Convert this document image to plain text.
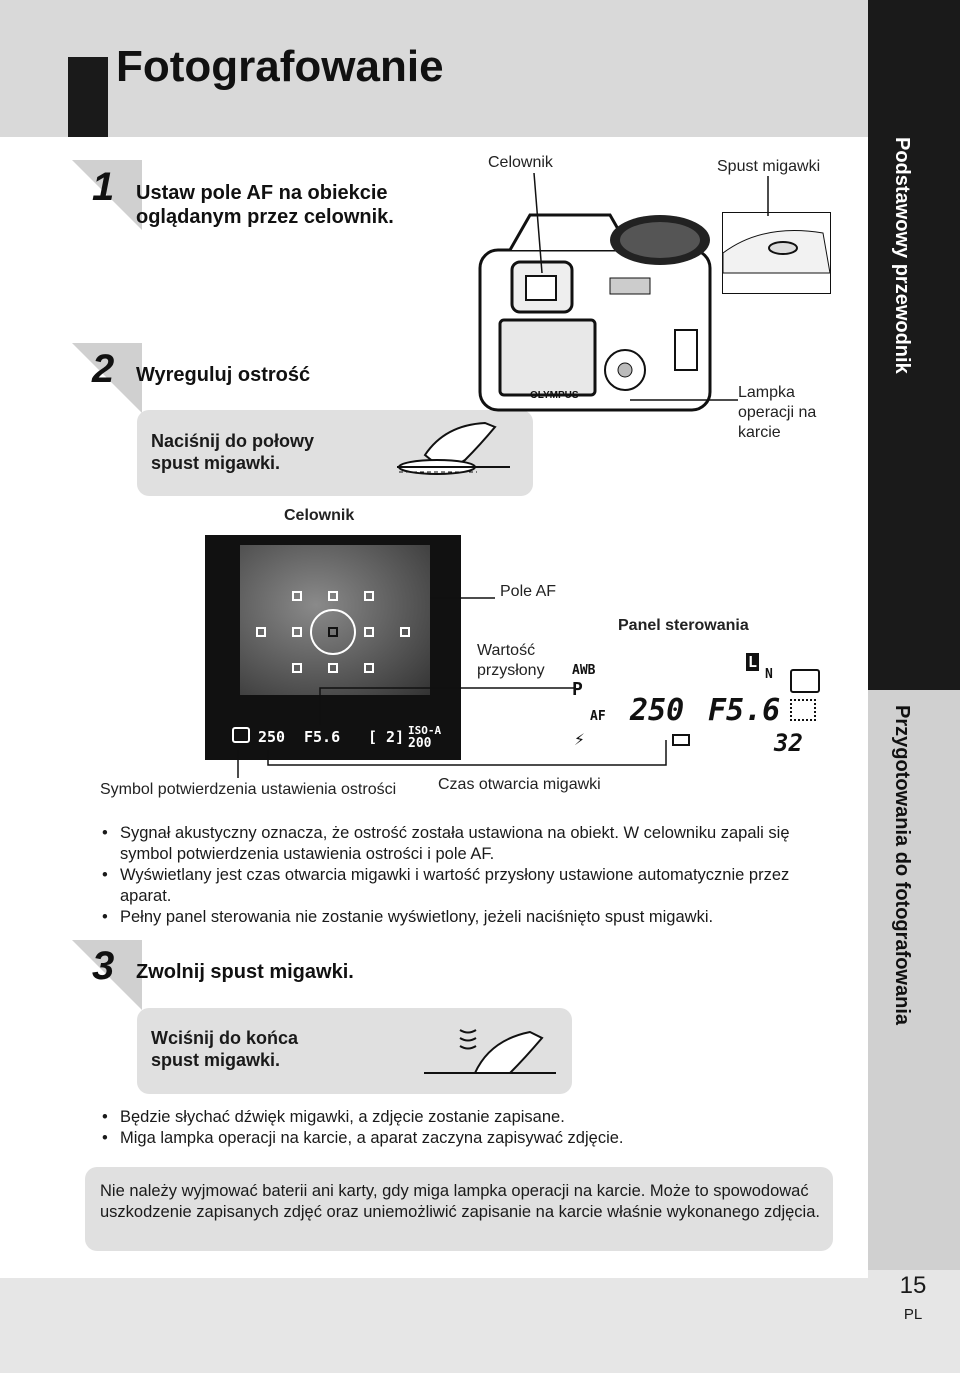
Fotografowanie
Podstawowy przewodnik
Przygotowania do fotografowania
15
PL
1 Ustaw pole AF na obiekcie oglądanym przez celownik.
2 Wyreguluj ostrość
Naciśnij do połowy spust migawki.
OLYMPUS
Celownik	Spust migawki
Lampka operacji na karcie
Celownik
250 F5.6 [ 2] ISO-A
200
Pole AF
Wartość przysłony
Symbol potwierdzenia ustawienia ostrości	Czas otwarcia migawki
Panel sterowania
AWB
P
AF 250 F5.6
L
N
32
⚡
• Sygnał akustyczny oznacza, że ostrość została ustawiona na obiekt. W celowniku zapali się symbol potwierdzenia ustawienia ostrości i pole AF.
• Wyświetlany jest czas otwarcia migawki i wartość przysłony ustawione automatycznie przez aparat.
• Pełny panel sterowania nie zostanie wyświetlony, jeżeli naciśnięto spust migawki.
3 Zwolnij spust migawki.
Wciśnij do końca spust migawki.
• Będzie słychać dźwięk migawki, a zdjęcie zostanie zapisane.
• Miga lampka operacji na karcie, a aparat zaczyna zapisywać zdjęcie.
Nie należy wyjmować baterii ani karty, gdy miga lampka operacji na karcie. Może to spowodować uszkodzenie zapisanych zdjęć oraz uniemożliwić zapisanie na karcie właśnie wykonanego zdjęcia.
